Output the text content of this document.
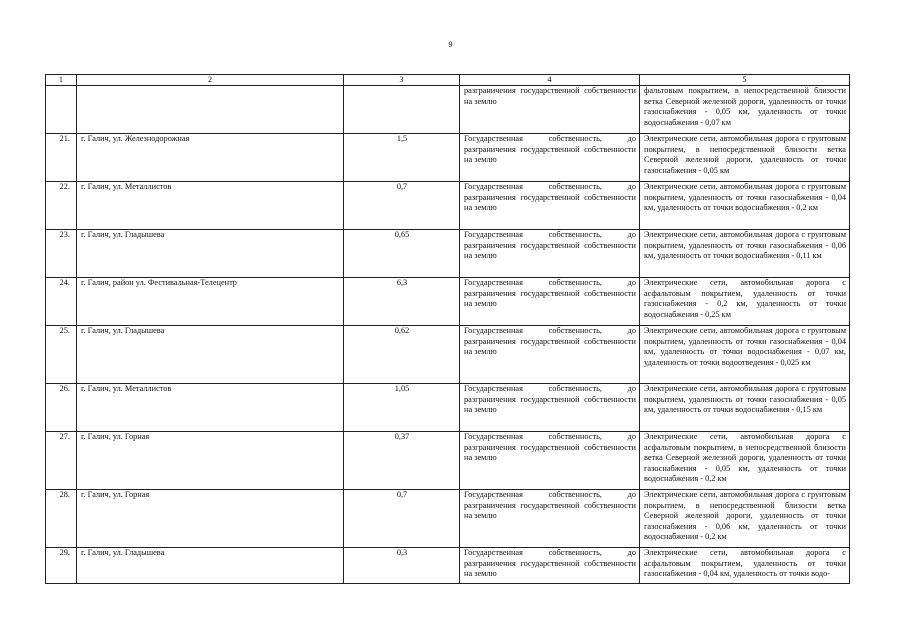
9
1	2	3	4	5
			разграничения государственной собственности на землю	фальтовым покрытием, в непосредственной близости ветка Северной железной дороги, удаленность от точки газоснабжения - 0,05 км, удаленность от точки водоснабжения - 0,07 км
21.	г. Галич, ул. Железнодорожная	1,5	Государственная собственность, до разграничения государственной собственности на землю	Электрические сети, автомобильная дорога с грунтовым покрытием, в непосредственной близости ветка Северной железной дороги, удаленность от точки газоснабжения - 0,05 км
22.	г. Галич, ул. Металлистов	0,7	Государственная собственность, до разграничения государственной собственности на землю	Электрические сети, автомобильная дорога с грунтовым покрытием, удаленность от точки газоснабжения - 0,04 км, удаленность от точки водоснабжения - 0,2 км
23.	г. Галич, ул. Гладышева	0,65	Государственная собственность, до разграничения государственной собственности на землю	Электрические сети, автомобильная дорога с грунтовым покрытием, удаленность от точки газоснабжения - 0,06 км, удаленность от точки водоснабжения - 0,11 км
24.	г. Галич, район ул. Фестивальная-Телецентр	6,3	Государственная собственность, до разграничения государственной собственности на землю	Электрические сети, автомобильная дорога с асфальтовым покрытием, удаленность от точки газоснабжения - 0,2 км, удаленность от точки водоснабжения - 0,25 км
25.	г. Галич, ул. Гладышева	0,62	Государственная собственность, до разграничения государственной собственности на землю	Электрические сети, автомобильная дорога с грунтовым покрытием, удаленность от точки газоснабжения - 0,04 км, удаленность от точки водоснабжения - 0,07 км, удаленность от точки водоотведения - 0,025 км
26.	г. Галич, ул. Металлистов	1,05	Государственная собственность, до разграничения государственной собственности на землю	Электрические сети, автомобильная дорога с грунтовым покрытием, удаленность от точки газоснабжения - 0,05 км, удаленность от точки водоснабжения - 0,15 км
27.	г. Галич, ул. Горная	0,37	Государственная собственность, до разграничения государственной собственности на землю	Электрические сети, автомобильная дорога с асфальтовым покрытием, в непосредственной близости ветка Северной железной дороги, удаленность от точки газоснабжения - 0,05 км, удаленность от точки водоснабжения - 0,2 км
28.	г. Галич, ул. Горная	0,7	Государственная собственность, до разграничения государственной собственности на землю	Электрические сети, автомобильная дорога с грунтовым покрытием, в непосредственной близости ветка Северной железной дороги, удаленность от точки газоснабжения - 0,06 км, удаленность от точки водоснабжения - 0,2 км
29.	г. Галич, ул. Гладышева	0,3	Государственная собственность, до разграничения государственной собственности на землю	Электрические сети, автомобильная дорога с асфальтовым покрытием, удаленность от точки газоснабжения - 0,04 км, удаленность от точки водо-
